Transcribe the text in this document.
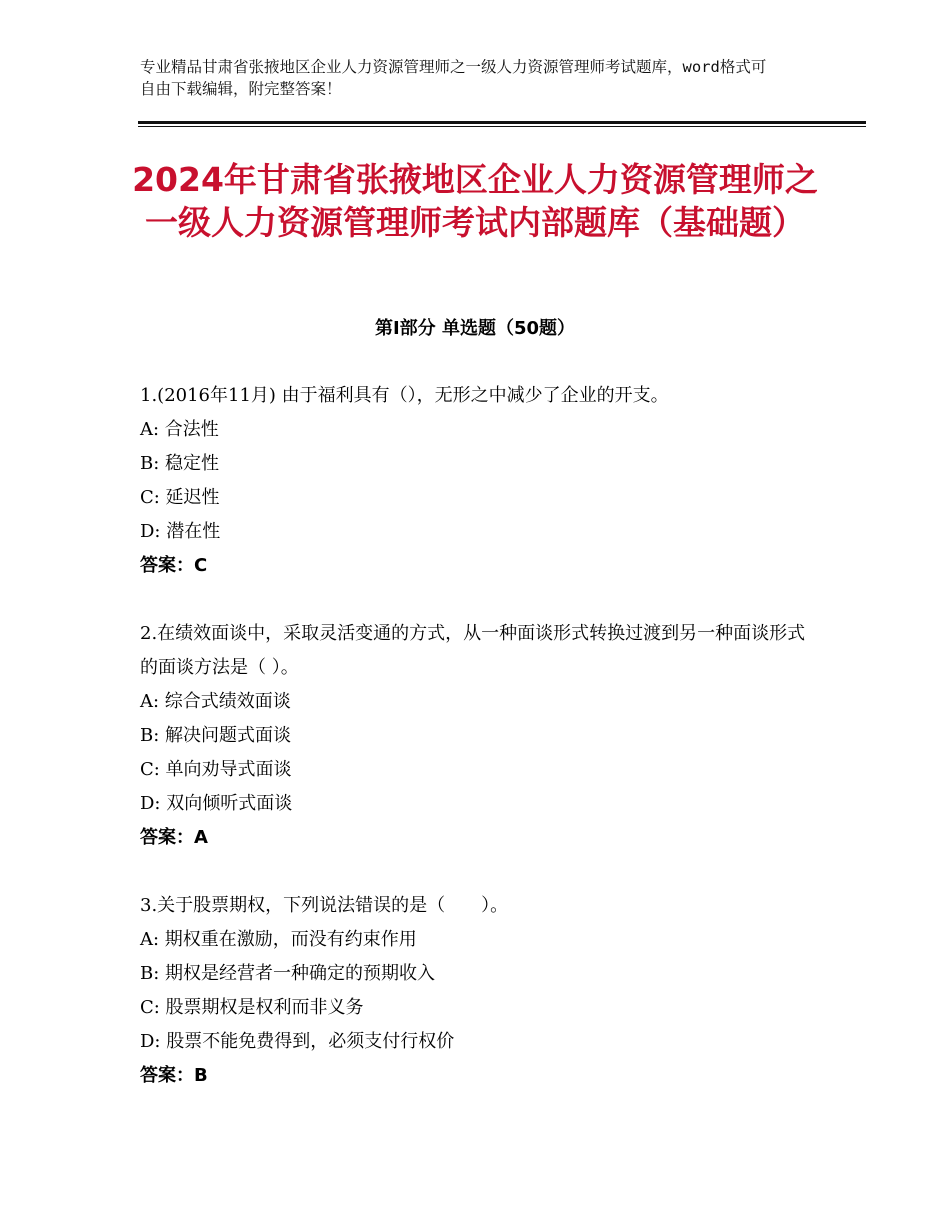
专业精品甘肃省张掖地区企业人力资源管理师之一级人力资源管理师考试题库，word格式可自由下载编辑，附完整答案！
2024年甘肃省张掖地区企业人力资源管理师之一级人力资源管理师考试内部题库（基础题）
第Ⅰ部分 单选题（50题）

1.(2016年11月) 由于福利具有（），无形之中减少了企业的开支。

A: 合法性

B: 稳定性

C: 延迟性

D: 潜在性

答案：C

2.在绩效面谈中，采取灵活变通的方式，从一种面谈形式转换过渡到另一种面谈形式的面谈方法是（ ）。

A: 综合式绩效面谈

B: 解决问题式面谈

C: 单向劝导式面谈

D: 双向倾听式面谈

答案：A

3.关于股票期权，下列说法错误的是（　　）。

A: 期权重在激励，而没有约束作用

B: 期权是经营者一种确定的预期收入

C: 股票期权是权利而非义务

D: 股票不能免费得到，必须支付行权价

答案：B
